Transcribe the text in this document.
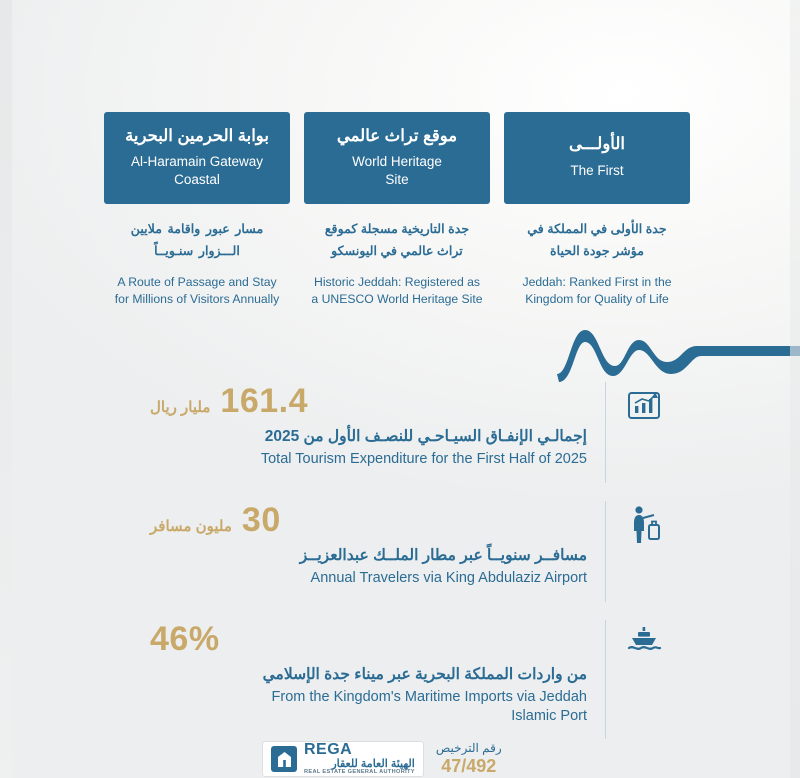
بوابة الحرمين البحرية
Al-Haramain Gateway
Coastal
مسار عبور واقامة ملايين
الـــزوار سنـويــاً
A Route of Passage and Stay
for Millions of Visitors Annually
موقع تراث عالمي
World Heritage
Site
جدة التاريخية مسجلة كموقع
تراث عالمي في اليونسكو
Historic Jeddah: Registered as
a UNESCO World Heritage Site
الأولـــى
The First
جدة الأولى في المملكة في
مؤشر جودة الحياة
Jeddah: Ranked First in the
Kingdom for Quality of Life
161.4
مليار ريال
إجمالـي الإنفـاق السيـاحـي للنصـف الأول من 2025
Total Tourism Expenditure for the First Half of 2025
30
مليون مسافر
مسافــر سنويــاً عبر مطار الملــك عبدالعزيــز
Annual Travelers via King Abdulaziz Airport
46%
من واردات المملكة البحرية عبر ميناء جدة الإسلامي
From the Kingdom's Maritime Imports via Jeddah
Islamic Port
REGA
الهيئة العامة للعقار
REAL ESTATE GENERAL AUTHORITY
رقم الترخيص
47/492
